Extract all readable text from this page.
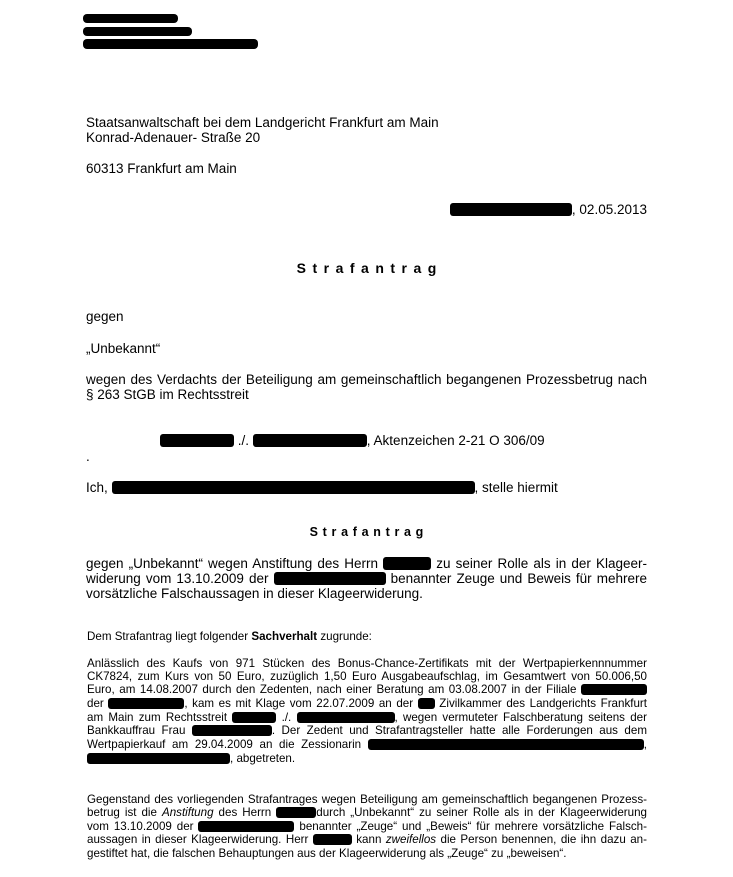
Staatsanwaltschaft bei dem Landgericht Frankfurt am Main
Konrad-Adenauer- Straße 20
60313 Frankfurt am Main
, 02.05.2013
Strafantrag
gegen
„Unbekannt“
wegen des Verdachts der Beteiligung am gemeinschaftlich begangenen Prozessbetrug nach
§ 263 StGB im Rechtsstreit
./.	, Aktenzeichen 2-21 O 306/09
.
Ich,	, stelle hiermit
Strafantrag
gegen „Unbekannt“ wegen Anstiftung des Herrn	zu seiner Rolle als in der Klageer-
widerung vom 13.10.2009 der	benannter Zeuge und Beweis für mehrere
vorsätzliche Falschaussagen in dieser Klageerwiderung.
Dem Strafantrag liegt folgender Sachverhalt zugrunde:
Anlässlich des Kaufs von 971 Stücken des Bonus-Chance-Zertifikats mit der Wertpapierkennnummer
CK7824, zum Kurs von 50 Euro, zuzüglich 1,50 Euro Ausgabeaufschlag, im Gesamtwert von 50.006,50
Euro, am 14.08.2007 durch den Zedenten, nach einer Beratung am 03.08.2007 in der Filiale
der	, kam es mit Klage vom 22.07.2009 an der Zivilkammer des Landgerichts Frankfurt
am Main zum Rechtsstreit	./.	, wegen vermuteter Falschberatung seitens der
Bankkauffrau Frau	. Der Zedent und Strafantragsteller hatte alle Forderungen aus dem
Wertpapierkauf am 29.04.2009 an die Zessionarin	,
, abgetreten.
Gegenstand des vorliegenden Strafantrages wegen Beteiligung am gemeinschaftlich begangenen Prozess-
betrug ist die Anstiftung des Herrn	durch „Unbekannt“ zu seiner Rolle als in der Klageerwiderung
vom 13.10.2009 der	benannter „Zeuge“ und „Beweis“ für mehrere vorsätzliche Falsch-
aussagen in dieser Klageerwiderung. Herr	kann zweifellos die Person benennen, die ihn dazu an-
gestiftet hat, die falschen Behauptungen aus der Klageerwiderung als „Zeuge“ zu „beweisen“.
